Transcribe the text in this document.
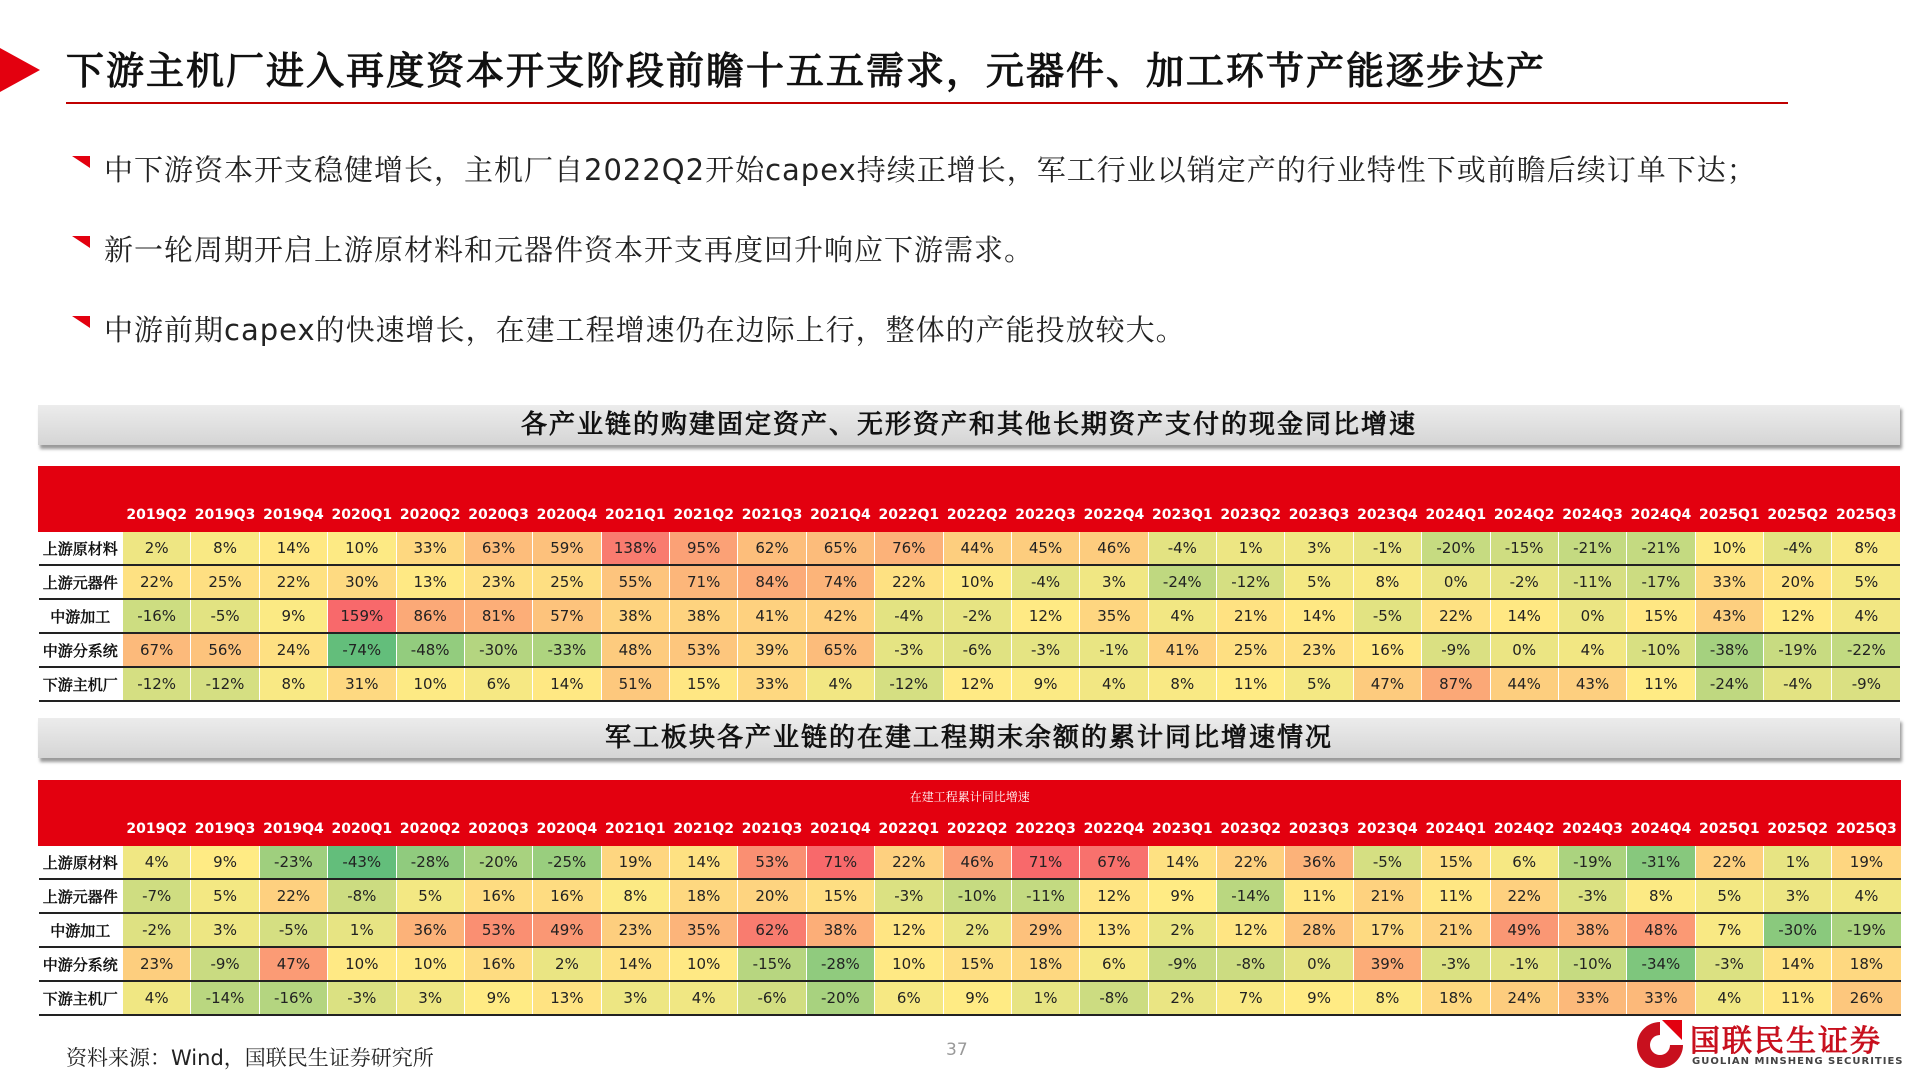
下游主机厂进入再度资本开支阶段前瞻十五五需求，元器件、加工环节产能逐步达产
中下游资本开支稳健增长，主机厂自2022Q2开始capex持续正增长，军工行业以销定产的行业特性下或前瞻后续订单下达；
新一轮周期开启上游原材料和元器件资本开支再度回升响应下游需求。
中游前期capex的快速增长，在建工程增速仍在边际上行，整体的产能投放较大。
各产业链的购建固定资产、无形资产和其他长期资产支付的现金同比增速

	2019Q2	2019Q3	2019Q4	2020Q1	2020Q2	2020Q3	2020Q4	2021Q1	2021Q2	2021Q3	2021Q4	2022Q1	2022Q2	2022Q3	2022Q4	2023Q1	2023Q2	2023Q3	2023Q4	2024Q1	2024Q2	2024Q3	2024Q4	2025Q1	2025Q2	2025Q3
上游原材料	2%	8%	14%	10%	33%	63%	59%	138%	95%	62%	65%	76%	44%	45%	46%	-4%	1%	3%	-1%	-20%	-15%	-21%	-21%	10%	-4%	8%
上游元器件	22%	25%	22%	30%	13%	23%	25%	55%	71%	84%	74%	22%	10%	-4%	3%	-24%	-12%	5%	8%	0%	-2%	-11%	-17%	33%	20%	5%
中游加工	-16%	-5%	9%	159%	86%	81%	57%	38%	38%	41%	42%	-4%	-2%	12%	35%	4%	21%	14%	-5%	22%	14%	0%	15%	43%	12%	4%
中游分系统	67%	56%	24%	-74%	-48%	-30%	-33%	48%	53%	39%	65%	-3%	-6%	-3%	-1%	41%	25%	23%	16%	-9%	0%	4%	-10%	-38%	-19%	-22%
下游主机厂	-12%	-12%	8%	31%	10%	6%	14%	51%	15%	33%	4%	-12%	12%	9%	4%	8%	11%	5%	47%	87%	44%	43%	11%	-24%	-4%	-9%
军工板块各产业链的在建工程期末余额的累计同比增速情况
在建工程累计同比增速																										
	2019Q2	2019Q3	2019Q4	2020Q1	2020Q2	2020Q3	2020Q4	2021Q1	2021Q2	2021Q3	2021Q4	2022Q1	2022Q2	2022Q3	2022Q4	2023Q1	2023Q2	2023Q3	2023Q4	2024Q1	2024Q2	2024Q3	2024Q4	2025Q1	2025Q2	2025Q3
上游原材料	4%	9%	-23%	-43%	-28%	-20%	-25%	19%	14%	53%	71%	22%	46%	71%	67%	14%	22%	36%	-5%	15%	6%	-19%	-31%	22%	1%	19%
上游元器件	-7%	5%	22%	-8%	5%	16%	16%	8%	18%	20%	15%	-3%	-10%	-11%	12%	9%	-14%	11%	21%	11%	22%	-3%	8%	5%	3%	4%
中游加工	-2%	3%	-5%	1%	36%	53%	49%	23%	35%	62%	38%	12%	2%	29%	13%	2%	12%	28%	17%	21%	49%	38%	48%	7%	-30%	-19%
中游分系统	23%	-9%	47%	10%	10%	16%	2%	14%	10%	-15%	-28%	10%	15%	18%	6%	-9%	-8%	0%	39%	-3%	-1%	-10%	-34%	-3%	14%	18%
下游主机厂	4%	-14%	-16%	-3%	3%	9%	13%	3%	4%	-6%	-20%	6%	9%	1%	-8%	2%	7%	9%	8%	18%	24%	33%	33%	4%	11%	26%
资料来源：Wind，国联民生证券研究所	37	国联民生证券
GUOLIAN MINSHENG SECURITIES
